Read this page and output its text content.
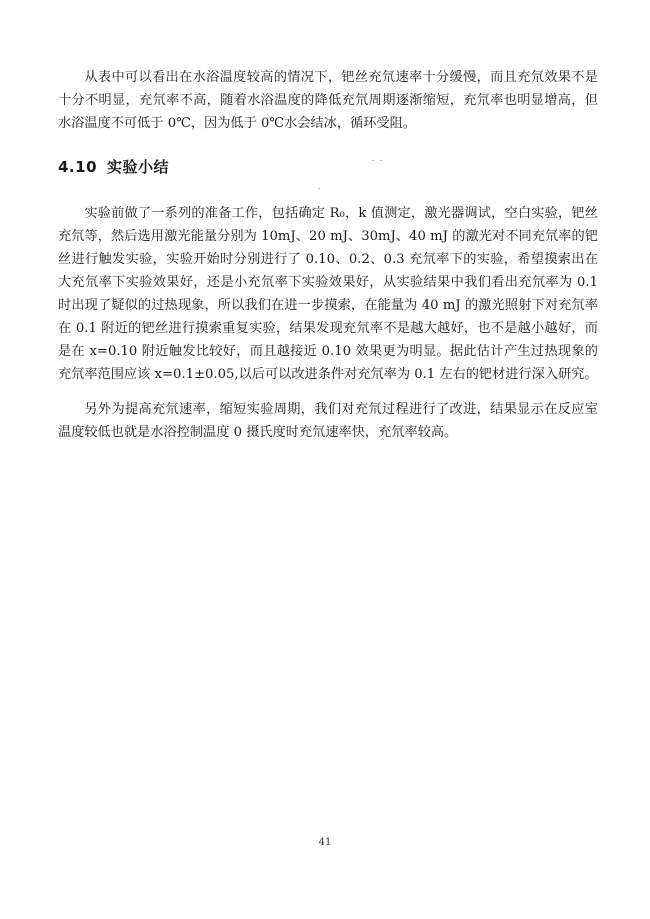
从表中可以看出在水浴温度较高的情况下，钯丝充氘速率十分缓慢，而且充氘效果不是十分不明显，充氘率不高，随着水浴温度的降低充氘周期逐渐缩短，充氘率也明显增高，但水浴温度不可低于 0℃，因为低于 0℃水会结冰，循环受阻。

4.10 实验小结

实验前做了一系列的准备工作，包括确定 R₀，k 值测定，激光器调试，空白实验，钯丝充氘等，然后选用激光能量分别为 10mJ、20 mJ、30mJ、40 mJ 的激光对不同充氘率的钯丝进行触发实验，实验开始时分别进行了 0.10、0.2、0.3 充氘率下的实验，希望摸索出在大充氘率下实验效果好，还是小充氘率下实验效果好，从实验结果中我们看出充氘率为 0.1 时出现了疑似的过热现象，所以我们在进一步摸索，在能量为 40 mJ 的激光照射下对充氘率在 0.1 附近的钯丝进行摸索重复实验，结果发现充氘率不是越大越好，也不是越小越好，而是在 x=0.10 附近触发比较好，而且越接近 0.10 效果更为明显。据此估计产生过热现象的充氘率范围应该 x=0.1±0.05,以后可以改进条件对充氘率为 0.1 左右的钯材进行深入研究。

另外为提高充氘速率，缩短实验周期，我们对充氘过程进行了改进，结果显示在反应室温度较低也就是水浴控制温度 0 摄氏度时充氘速率快，充氘率较高。

41
